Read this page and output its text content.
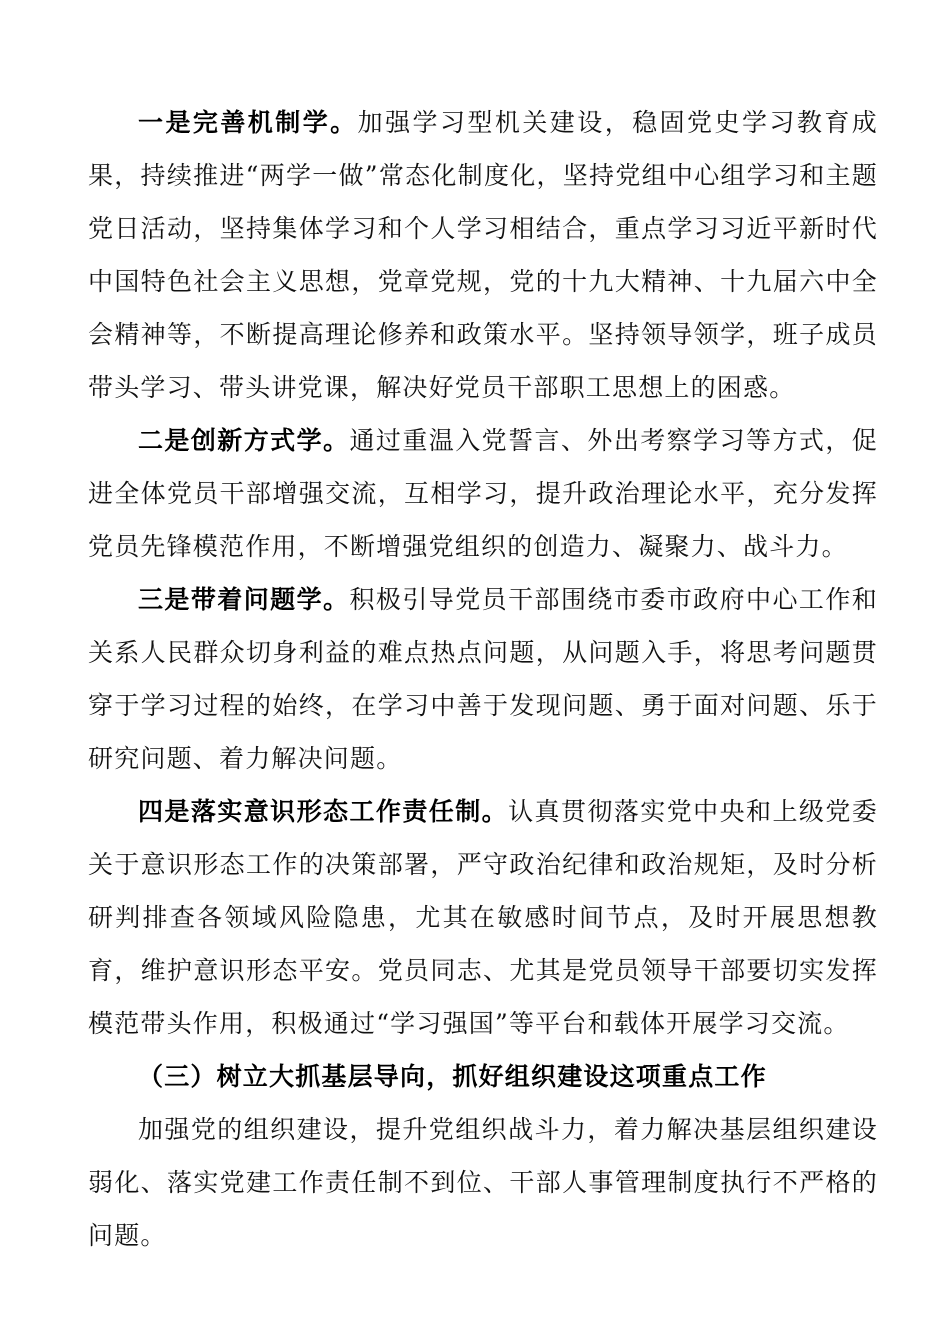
一是完善机制学。加强学习型机关建设，稳固党史学习教育成果，持续推进“两学一做”常态化制度化，坚持党组中心组学习和主题党日活动，坚持集体学习和个人学习相结合，重点学习习近平新时代中国特色社会主义思想，党章党规，党的十九大精神、十九届六中全会精神等，不断提高理论修养和政策水平。坚持领导领学，班子成员带头学习、带头讲党课，解决好党员干部职工思想上的困惑。

二是创新方式学。通过重温入党誓言、外出考察学习等方式，促进全体党员干部增强交流，互相学习，提升政治理论水平，充分发挥党员先锋模范作用，不断增强党组织的创造力、凝聚力、战斗力。

三是带着问题学。积极引导党员干部围绕市委市政府中心工作和关系人民群众切身利益的难点热点问题，从问题入手，将思考问题贯穿于学习过程的始终，在学习中善于发现问题、勇于面对问题、乐于研究问题、着力解决问题。

四是落实意识形态工作责任制。认真贯彻落实党中央和上级党委关于意识形态工作的决策部署，严守政治纪律和政治规矩，及时分析研判排查各领域风险隐患，尤其在敏感时间节点，及时开展思想教育，维护意识形态平安。党员同志、尤其是党员领导干部要切实发挥模范带头作用，积极通过“学习强国”等平台和载体开展学习交流。

（三）树立大抓基层导向，抓好组织建设这项重点工作

加强党的组织建设，提升党组织战斗力，着力解决基层组织建设弱化、落实党建工作责任制不到位、干部人事管理制度执行不严格的问题。
